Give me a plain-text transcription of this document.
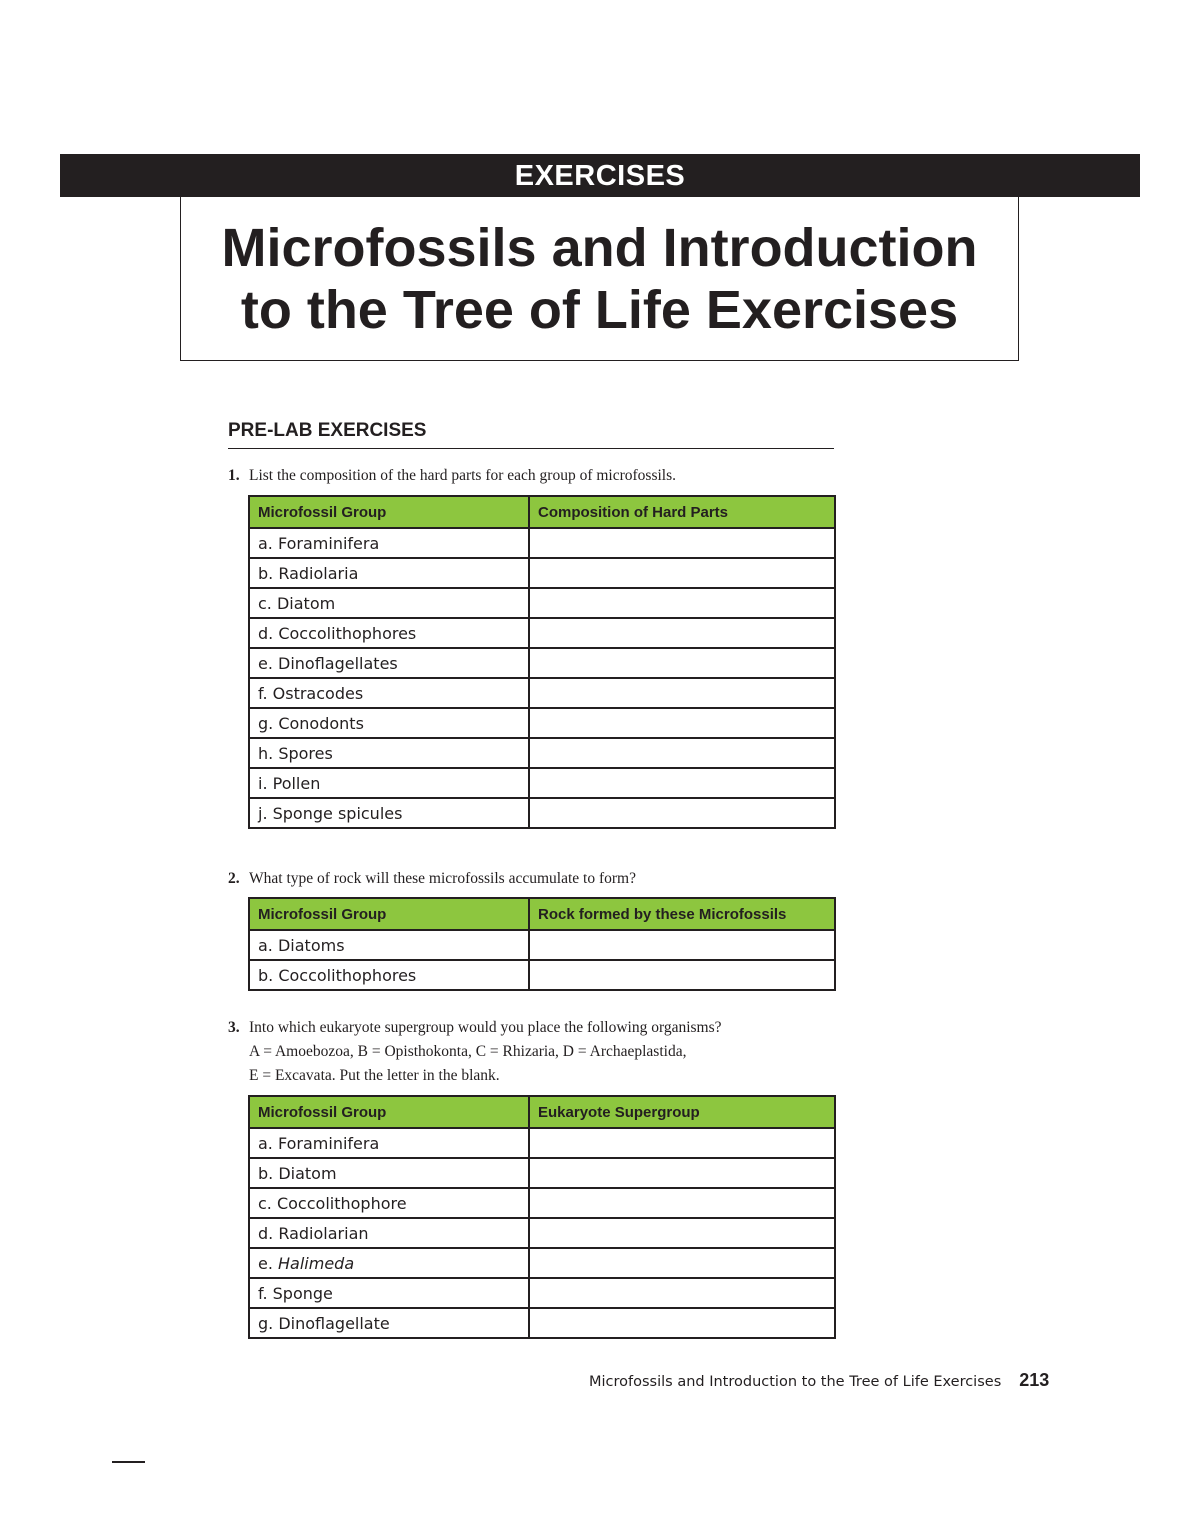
EXERCISES
Microfossils and Introduction
to the Tree of Life Exercises
PRE-LAB EXERCISES
1. List the composition of the hard parts for each group of microfossils.
Microfossil Group	Composition of Hard Parts
a. Foraminifera	
b. Radiolaria	
c. Diatom	
d. Coccolithophores	
e. Dinoflagellates	
f. Ostracodes	
g. Conodonts	
h. Spores	
i. Pollen	
j. Sponge spicules	
2. What type of rock will these microfossils accumulate to form?
Microfossil Group	Rock formed by these Microfossils
a. Diatoms	
b. Coccolithophores	
3. Into which eukaryote supergroup would you place the following organisms?
A = Amoebozoa, B = Opisthokonta, C = Rhizaria, D = Archaeplastida,
E = Excavata. Put the letter in the blank.
Microfossil Group	Eukaryote Supergroup
a. Foraminifera	
b. Diatom	
c. Coccolithophore	
d. Radiolarian	
e. Halimeda	
f. Sponge	
g. Dinoflagellate	
Microfossils and Introduction to the Tree of Life Exercises 213
